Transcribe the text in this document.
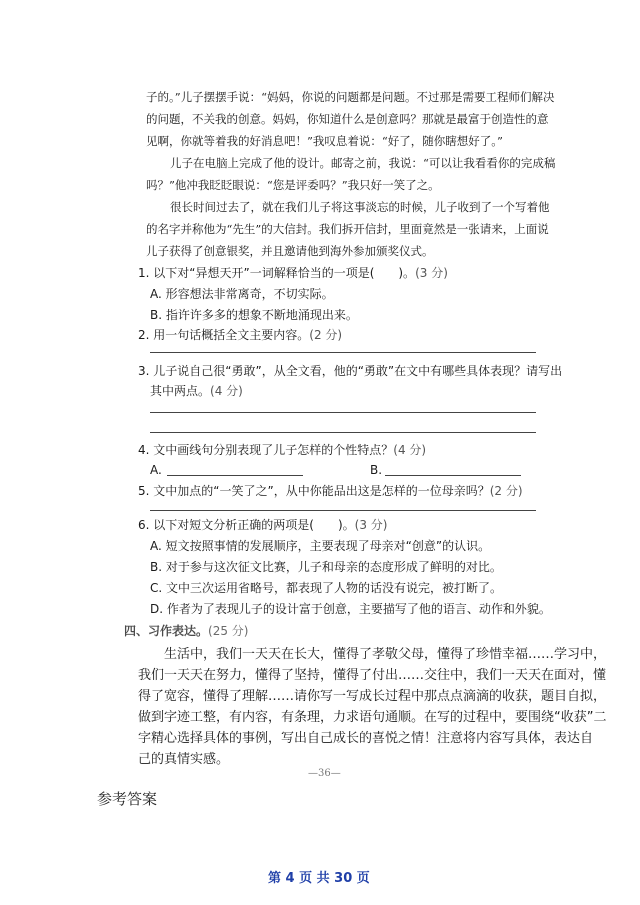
子的。”儿子摆摆手说：“妈妈，你说的问题都是问题。不过那是需要工程师们解决
的问题，不关我的创意。妈妈，你知道什么是创意吗？那就是最富于创造性的意
见啊，你就等着我的好消息吧！”我叹息着说：“好了，随你瞎想好了。”
儿子在电脑上完成了他的设计。邮寄之前，我说：“可以让我看看你的完成稿
吗？”他冲我眨眨眼说：“您是评委吗？”我只好一笑了之。
很长时间过去了，就在我们儿子将这事淡忘的时候，儿子收到了一个写着他
的名字并称他为“先生”的大信封。我们拆开信封，里面竟然是一张请来，上面说
儿子获得了创意银奖，并且邀请他到海外参加颁奖仪式。
1. 以下对“异想天开”一词解释恰当的一项是(　　)。(3 分)
A. 形容想法非常离奇，不切实际。
B. 指许许多多的想象不断地涌现出来。
2. 用一句话概括全文主要内容。(2 分)
3. 儿子说自己很“勇敢”，从全文看，他的“勇敢”在文中有哪些具体表现？请写出
其中两点。(4 分)
4. 文中画线句分别表现了儿子怎样的个性特点？(4 分)
A.	B.
5. 文中加点的“一笑了之”，从中你能品出这是怎样的一位母亲吗？(2 分)
6. 以下对短文分析正确的两项是(　　)。(3 分)
A. 短文按照事情的发展顺序，主要表现了母亲对“创意”的认识。
B. 对于参与这次征文比赛，儿子和母亲的态度形成了鲜明的对比。
C. 文中三次运用省略号，都表现了人物的话没有说完，被打断了。
D. 作者为了表现儿子的设计富于创意，主要描写了他的语言、动作和外貌。
四、习作表达。(25 分)
生活中，我们一天天在长大，懂得了孝敬父母，懂得了珍惜幸福……学习中，
我们一天天在努力，懂得了坚持，懂得了付出……交往中，我们一天天在面对，懂
得了宽容，懂得了理解……请你写一写成长过程中那点点滴滴的收获，题目自拟，
做到字迹工整，有内容，有条理，力求语句通顺。在写的过程中，要围绕“收获”二
字精心选择具体的事例，写出自己成长的喜悦之情！注意将内容写具体，表达自
己的真情实感。
—36—
参考答案
第 4 页 共 30 页
